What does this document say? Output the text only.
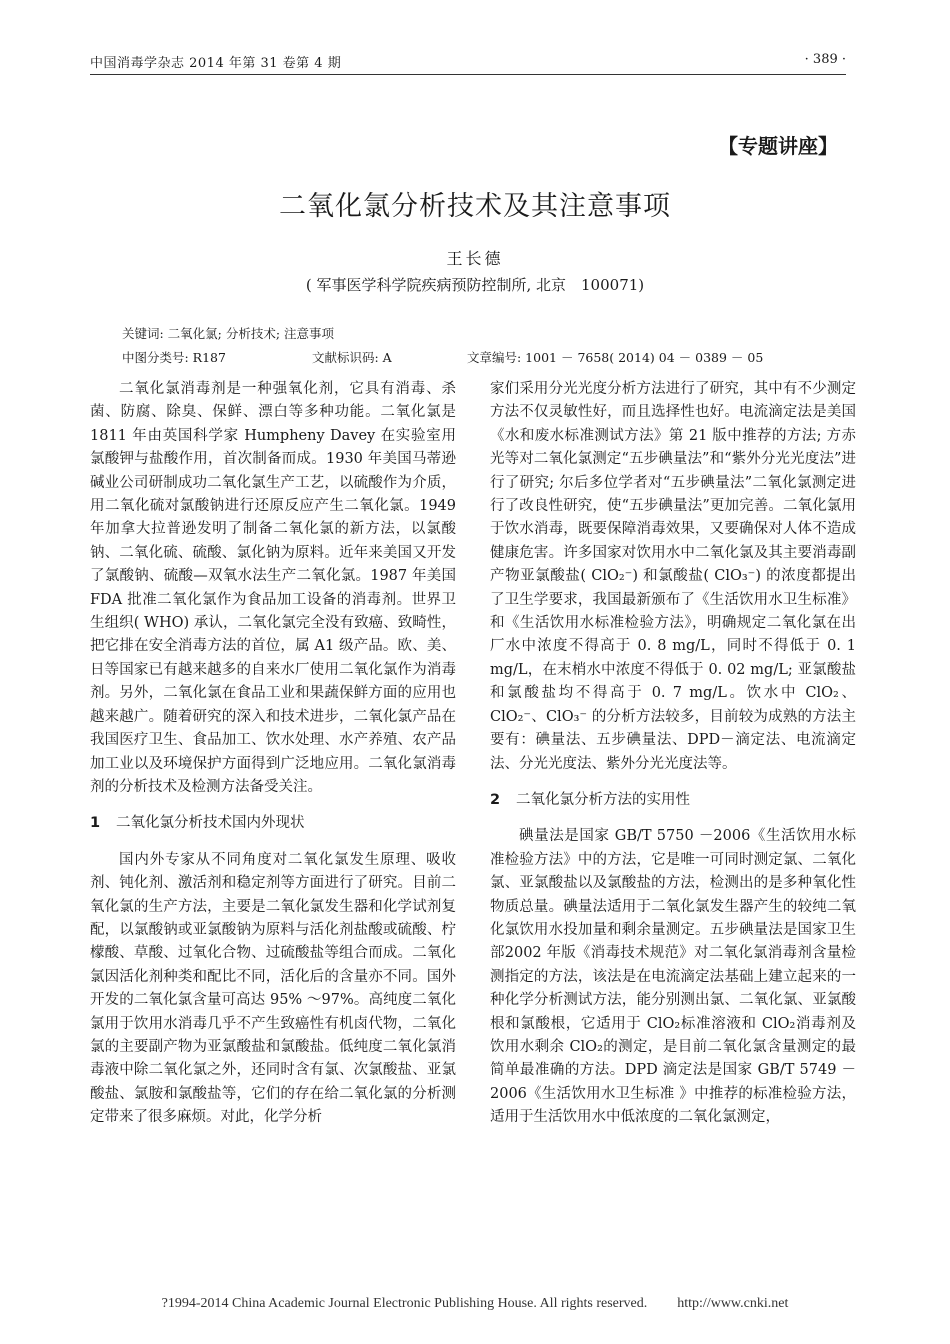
中国消毒学杂志 2014 年第 31 卷第 4 期	· 389 ·
【专题讲座】
二氧化氯分析技术及其注意事项
王长德
( 军事医学科学院疾病预防控制所, 北京　100071)
关键词: 二氧化氯; 分析技术; 注意事项
中图分类号: R187	文献标识码: A	文章编号: 1001 － 7658( 2014) 04 － 0389 － 05

二氧化氯消毒剂是一种强氧化剂，它具有消毒、杀菌、防腐、除臭、保鲜、漂白等多种功能。二氧化氯是1811 年由英国科学家 Humpheny Davey 在实验室用氯酸钾与盐酸作用，首次制备而成。1930 年美国马蒂逊碱业公司研制成功二氧化氯生产工艺，以硫酸作为介质，用二氧化硫对氯酸钠进行还原反应产生二氧化氯。1949 年加拿大拉普逊发明了制备二氧化氯的新方法，以氯酸钠、二氧化硫、硫酸、氯化钠为原料。近年来美国又开发了氯酸钠、硫酸—双氧水法生产二氧化氯。1987 年美国 FDA 批准二氧化氯作为食品加工设备的消毒剂。世界卫生组织( WHO) 承认，二氧化氯完全没有致癌、致畸性，把它排在安全消毒方法的首位，属 A1 级产品。欧、美、日等国家已有越来越多的自来水厂使用二氧化氯作为消毒剂。另外，二氧化氯在食品工业和果蔬保鲜方面的应用也越来越广。随着研究的深入和技术进步，二氧化氯产品在我国医疗卫生、食品加工、饮水处理、水产养殖、农产品加工业以及环境保护方面得到广泛地应用。二氧化氯消毒剂的分析技术及检测方法备受关注。

1 二氧化氯分析技术国内外现状

国内外专家从不同角度对二氧化氯发生原理、吸收剂、钝化剂、激活剂和稳定剂等方面进行了研究。目前二氧化氯的生产方法，主要是二氧化氯发生器和化学试剂复配，以氯酸钠或亚氯酸钠为原料与活化剂盐酸或硫酸、柠檬酸、草酸、过氧化合物、过硫酸盐等组合而成。二氧化氯因活化剂种类和配比不同，活化后的含量亦不同。国外开发的二氧化氯含量可高达 95% ～97%。高纯度二氧化氯用于饮用水消毒几乎不产生致癌性有机卤代物，二氧化氯的主要副产物为亚氯酸盐和氯酸盐。低纯度二氧化氯消毒液中除二氧化氯之外，还同时含有氯、次氯酸盐、亚氯酸盐、氯胺和氯酸盐等，它们的存在给二氧化氯的分析测定带来了很多麻烦。对此，化学分析

家们采用分光光度分析方法进行了研究，其中有不少测定方法不仅灵敏性好，而且选择性也好。电流滴定法是美国《水和废水标准测试方法》第 21 版中推荐的方法; 方赤光等对二氧化氯测定“五步碘量法”和“紫外分光光度法”进行了研究; 尔后多位学者对“五步碘量法”二氧化氯测定进行了改良性研究，使“五步碘量法”更加完善。二氧化氯用于饮水消毒，既要保障消毒效果，又要确保对人体不造成健康危害。许多国家对饮用水中二氧化氯及其主要消毒副产物亚氯酸盐( ClO₂⁻) 和氯酸盐( ClO₃⁻) 的浓度都提出了卫生学要求，我国最新颁布了《生活饮用水卫生标准》和《生活饮用水标准检验方法》，明确规定二氧化氯在出厂水中浓度不得高于 0. 8 mg/L，同时不得低于 0. 1 mg/L，在末梢水中浓度不得低于 0. 02 mg/L; 亚氯酸盐和氯酸盐均不得高于 0. 7 mg/L。饮水中 ClO₂、ClO₂⁻、ClO₃⁻ 的分析方法较多，目前较为成熟的方法主要有：碘量法、五步碘量法、DPD－滴定法、电流滴定法、分光光度法、紫外分光光度法等。

2 二氧化氯分析方法的实用性

碘量法是国家 GB/T 5750 －2006《生活饮用水标准检验方法》中的方法，它是唯一可同时测定氯、二氧化氯、亚氯酸盐以及氯酸盐的方法，检测出的是多种氧化性物质总量。碘量法适用于二氧化氯发生器产生的较纯二氧化氯饮用水投加量和剩余量测定。五步碘量法是国家卫生部2002 年版《消毒技术规范》对二氧化氯消毒剂含量检测指定的方法，该法是在电流滴定法基础上建立起来的一种化学分析测试方法，能分别测出氯、二氧化氯、亚氯酸根和氯酸根，它适用于 ClO₂标准溶液和 ClO₂消毒剂及饮用水剩余 ClO₂的测定，是目前二氧化氯含量测定的最简单最准确的方法。DPD 滴定法是国家 GB/T 5749 －2006《生活饮用水卫生标准 》中推荐的标准检验方法，适用于生活饮用水中低浓度的二氧化氯测定，

?1994-2014 China Academic Journal Electronic Publishing House. All rights reserved. http://www.cnki.net
